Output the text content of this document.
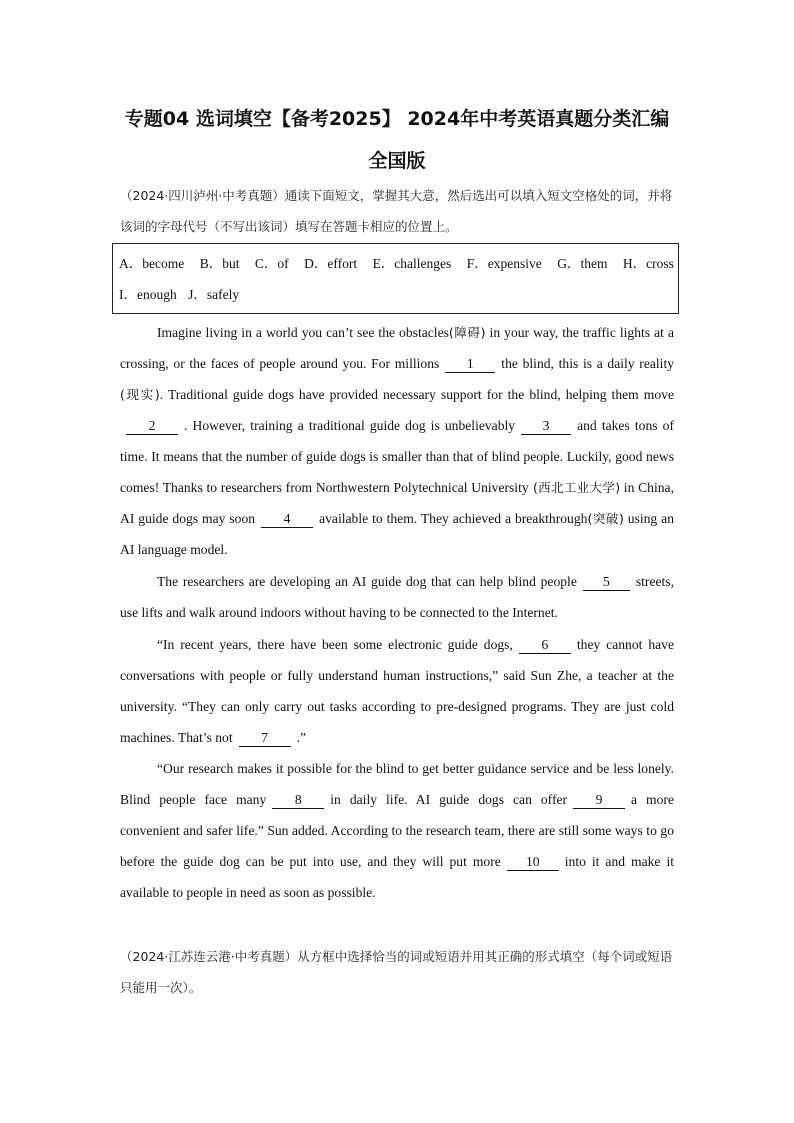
专题04 选词填空【备考2025】 2024年中考英语真题分类汇编
全国版
（2024·四川泸州·中考真题）通读下面短文，掌握其大意，然后选出可以填入短文空格处的词，并将该词的字母代号（不写出该词）填写在答题卡相应的位置上。
A．become B．but C．of D．effort E．challenges F．expensive G．them H．cross
I．enough J．safely
Imagine living in a world you can’t see the obstacles(障碍) in your way, the traffic lights at a crossing, or the faces of people around you. For millions 1 the blind, this is a daily reality (现实). Traditional guide dogs have provided necessary support for the blind, helping them move2 . However, training a traditional guide dog is unbelievably 3 and takes tons of time. It means that the number of guide dogs is smaller than that of blind people. Luckily, good news comes! Thanks to researchers from Northwestern Polytechnical University (西北工业大学) in China, AI guide dogs may soon 4 available to them. They achieved a breakthrough(突破) using an AI language model.
The researchers are developing an AI guide dog that can help blind people 5 streets, use lifts and walk around indoors without having to be connected to the Internet.
“In recent years, there have been some electronic guide dogs, 6 they cannot have conversations with people or fully understand human instructions,” said Sun Zhe, a teacher at the university. “They can only carry out tasks according to pre-designed programs. They are just cold machines. That’s not 7 .”
“Our research makes it possible for the blind to get better guidance service and be less lonely. Blind people face many 8 in daily life. AI guide dogs can offer 9 a more convenient and safer life.” Sun added. According to the research team, there are still some ways to go before the guide dog can be put into use, and they will put more 10 into it and make it available to people in need as soon as possible.
（2024·江苏连云港·中考真题）从方框中选择恰当的词或短语并用其正确的形式填空（每个词或短语只能用一次）。
